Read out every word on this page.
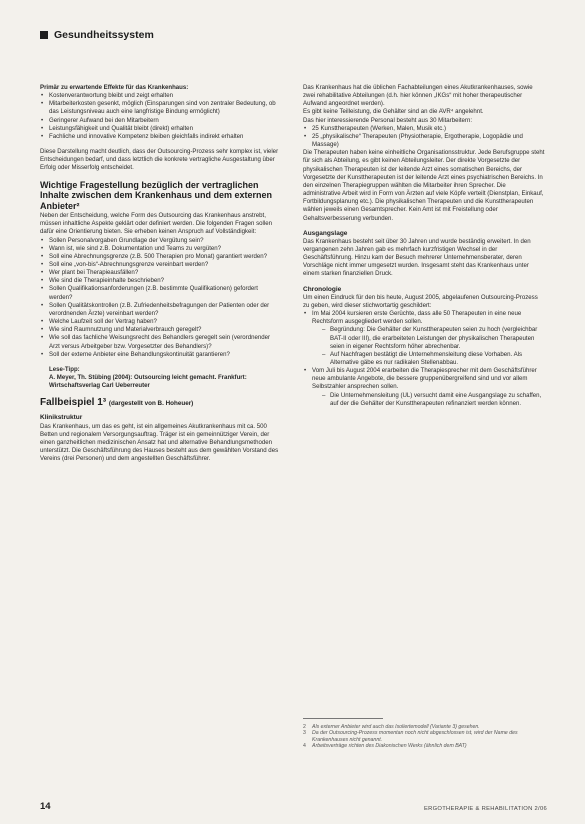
Gesundheitssystem
Primär zu erwartende Effekte für das Krankenhaus:
• Kostenverantwortung bleibt und zeigt erhalten
• Mitarbeiterkosten gesenkt, möglich (Einsparungen sind von zentraler Bedeutung, ob das Leistungsniveau auch eine langfristige Bindung ermöglicht)
• Geringerer Aufwand bei den Mitarbeitern
• Leistungsfähigkeit und Qualität bleibt (direkt) erhalten
• Fachliche und innovative Kompetenz bleiben gleichfalls indirekt erhalten

Diese Darstellung macht deutlich, dass der Outsourcing-Prozess sehr komplex ist, vieler Entscheidungen bedarf, und dass letztlich die konkrete vertragliche Ausgestaltung über Erfolg oder Misserfolg entscheidet.

Wichtige Fragestellung bezüglich der vertraglichen Inhalte zwischen dem Krankenhaus und dem externen Anbieter²

Neben der Entscheidung, welche Form des Outsourcing das Krankenhaus anstrebt, müssen inhaltliche Aspekte geklärt oder definiert werden. Die folgenden Fragen sollen dafür eine Orientierung bieten. Sie erheben keinen Anspruch auf Vollständigkeit:

• Sollen Personalvorgaben Grundlage der Vergütung sein?
• Wann ist, wie sind z.B. Dokumentation und Teams zu vergüten?
• Soll eine Abrechnungsgrenze (z.B. 500 Therapien pro Monat) garantiert werden?
• Soll eine „von-bis“-Abrechnungsgrenze vereinbart werden?
• Wer plant bei Therapieausfällen?
• Wie sind die Therapieinhalte beschrieben?
• Sollen Qualifikationsanforderungen (z.B. bestimmte Qualifikationen) gefordert werden?
• Sollen Qualitätskontrollen (z.B. Zufriedenheitsbefragungen der Patienten oder der verordnenden Ärzte) vereinbart werden?
• Welche Laufzeit soll der Vertrag haben?
• Wie sind Raumnutzung und Materialverbrauch geregelt?
• Wie soll das fachliche Weisungsrecht des Behandlers geregelt sein (verordnender Arzt versus Arbeitgeber bzw. Vorgesetzter des Behandlers)?
• Soll der externe Anbieter eine Behandlungskontinuität garantieren?
Lese-Tipp:
A. Meyer, Th. Stübing (2004): Outsourcing leicht gemacht. Frankfurt: Wirtschaftsverlag Carl Ueberreuter
Fallbeispiel 1³ (dargestellt von B. Hoheuer)
Klinikstruktur

Das Krankenhaus, um das es geht, ist ein allgemeines Akutkrankenhaus mit ca. 500 Betten und regionalem Versorgungsauftrag. Träger ist ein gemeinnütziger Verein, der einen ganzheitlichen medizinischen Ansatz hat und alternative Behandlungsmethoden unterstützt. Die Geschäftsführung des Hauses besteht aus dem gewählten Vorstand des Vereins (drei Personen) und dem angestellten Geschäftsführer.

Das Krankenhaus hat die üblichen Fachabteilungen eines Akutkrankenhauses, sowie zwei rehabilitative Abteilungen (d.h. hier können „IKGs“ mit hoher therapeutischer Aufwand angeordnet werden).

Es gibt keine Teilleistung, die Gehälter sind an die AVR⁴ angelehnt.

Das hier interessierende Personal besteht aus 30 Mitarbeitern:

• 25 Kunsttherapeuten (Werken, Malen, Musik etc.)
• 25 „physikalische“ Therapeuten (Physiotherapie, Ergotherapie, Logopädie und Massage)

Die Therapeuten haben keine einheitliche Organisationsstruktur. Jede Berufsgruppe steht für sich als Abteilung, es gibt keinen Abteilungsleiter. Der direkte Vorgesetzte der physikalischen Therapeuten ist der leitende Arzt eines somatischen Bereichs, der Vorgesetzte der Kunsttherapeuten ist der leitende Arzt eines psychiatrischen Bereichs. In den einzelnen Therapiegruppen wählten die Mitarbeiter ihren Sprecher. Die administrative Arbeit wird in Form von Ärzten auf viele Köpfe verteilt (Dienstplan, Einkauf, Fortbildungsplanung etc.). Die physikalischen Therapeuten und die Kunsttherapeuten wählen jeweils einen Gesamtsprecher. Kein Amt ist mit Freistellung oder Gehaltsverbesserung verbunden.

Ausgangslage

Das Krankenhaus besteht seit über 30 Jahren und wurde beständig erweitert. In den vergangenen zehn Jahren gab es mehrfach kurzfristigen Wechsel in der Geschäftsführung. Hinzu kam der Besuch mehrerer Unternehmensberater, deren Vorschläge nicht immer umgesetzt wurden. Insgesamt steht das Krankenhaus unter einem starken finanziellen Druck.

Chronologie

Um einen Eindruck für den bis heute, August 2005, abgelaufenen Outsourcing-Prozess zu geben, wird dieser stichwortartig geschildert:

• Im Mai 2004 kursieren erste Gerüchte, dass alle 50 Therapeuten in eine neue Rechtsform ausgegliedert werden sollen.
– Begründung: Die Gehälter der Kunsttherapeuten seien zu hoch (vergleichbar BAT-II oder III), die erarbeiteten Leistungen der physikalischen Therapeuten seien in eigener Rechtsform höher abrechenbar.
– Auf Nachfragen bestätigt die Unternehmensleitung diese Vorhaben. Als Alternative gäbe es nur radikalen Stellenabbau.
• Vom Juli bis August 2004 erarbeiten die Therapiesprecher mit dem Geschäftsführer neue ambulante Angebote, die bessere gruppenübergreifend sind und vor allem Selbstzahler ansprechen sollen.
– Die Unternehmensleitung (UL) versucht damit eine Ausgangslage zu schaffen, auf der die Gehälter der Kunsttherapeuten refinanziert werden können.
2	Als externer Anbieter wird auch das Isoliertemodell (Variante 3) gesehen.
3	Da der Outsourcing-Prozess momentan noch nicht abgeschlossen ist, wird der Name des Krankenhauses nicht genannt.
4	Arbeitsverträge richten des Diakonischen Werks (ähnlich dem BAT)
14	ERGOTHERAPIE & REHABILITATION 2/06
